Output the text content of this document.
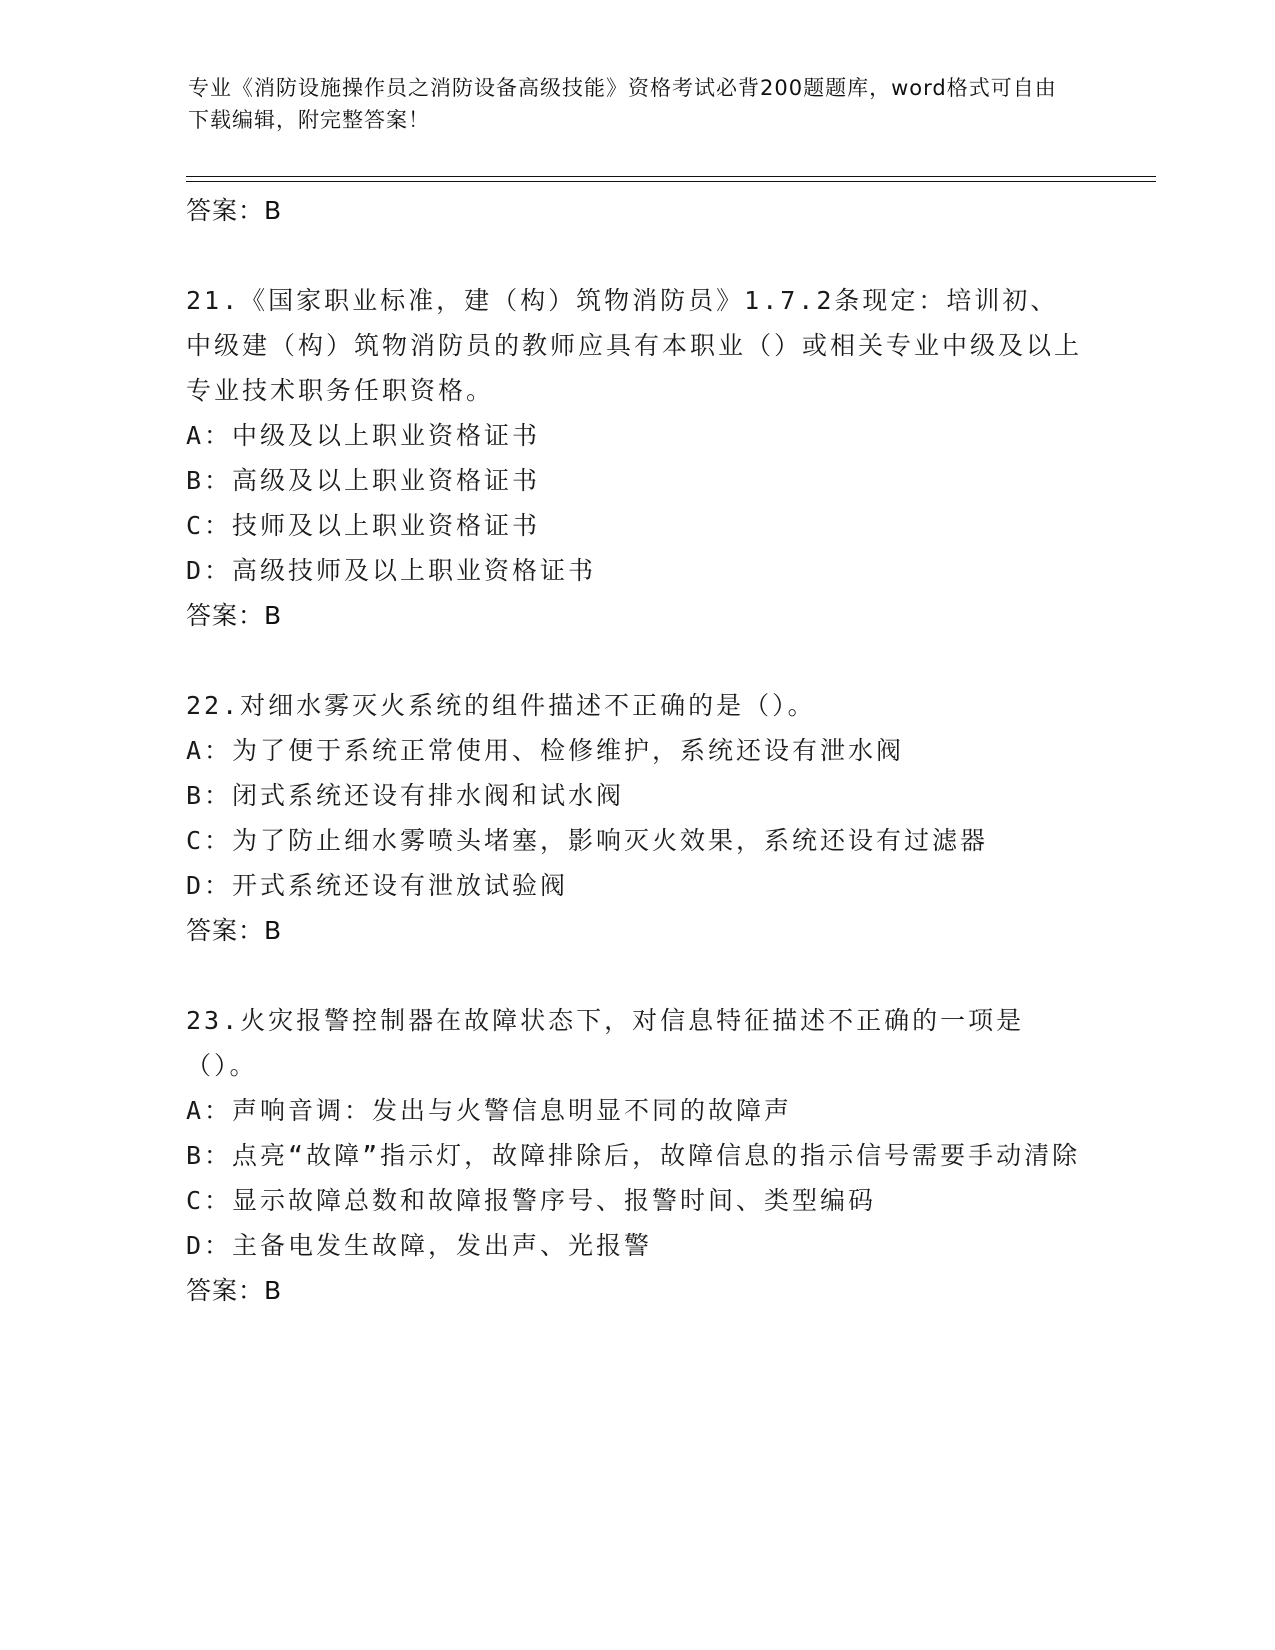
专业《消防设施操作员之消防设备高级技能》资格考试必背200题题库，word格式可自由下载编辑，附完整答案！
答案：B
21.《国家职业标准，建（构）筑物消防员》1.7.2条现定：培训初、中级建（构）筑物消防员的教师应具有本职业（）或相关专业中级及以上专业技术职务任职资格。
A：中级及以上职业资格证书
B：高级及以上职业资格证书
C：技师及以上职业资格证书
D：高级技师及以上职业资格证书
答案：B
22.对细水雾灭火系统的组件描述不正确的是（）。
A：为了便于系统正常使用、检修维护，系统还设有泄水阀
B：闭式系统还设有排水阀和试水阀
C：为了防止细水雾喷头堵塞，影响灭火效果，系统还设有过滤器
D：开式系统还设有泄放试验阀
答案：B
23.火灾报警控制器在故障状态下，对信息特征描述不正确的一项是（）。
A：声响音调：发出与火警信息明显不同的故障声
B：点亮“故障”指示灯，故障排除后，故障信息的指示信号需要手动清除
C：显示故障总数和故障报警序号、报警时间、类型编码
D：主备电发生故障，发出声、光报警
答案：B
